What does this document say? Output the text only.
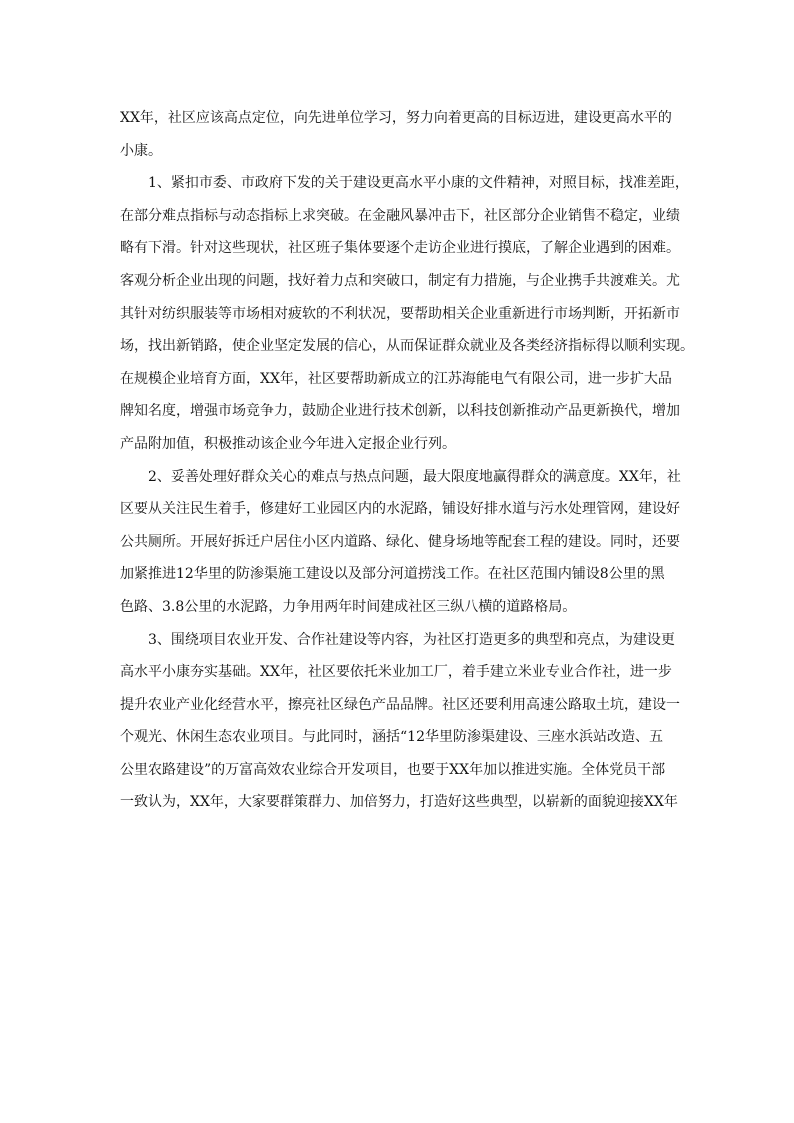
XX年，社区应该高点定位，向先进单位学习，努力向着更高的目标迈进，建设更高水平的
小康。
1、紧扣市委、市政府下发的关于建设更高水平小康的文件精神，对照目标，找准差距，
在部分难点指标与动态指标上求突破。在金融风暴冲击下，社区部分企业销售不稳定，业绩
略有下滑。针对这些现状，社区班子集体要逐个走访企业进行摸底，了解企业遇到的困难。
客观分析企业出现的问题，找好着力点和突破口，制定有力措施，与企业携手共渡难关。尤
其针对纺织服装等市场相对疲软的不利状况，要帮助相关企业重新进行市场判断，开拓新市
场，找出新销路，使企业坚定发展的信心，从而保证群众就业及各类经济指标得以顺利实现。
在规模企业培育方面，XX年，社区要帮助新成立的江苏海能电气有限公司，进一步扩大品
牌知名度，增强市场竞争力，鼓励企业进行技术创新，以科技创新推动产品更新换代，增加
产品附加值，积极推动该企业今年进入定报企业行列。
2、妥善处理好群众关心的难点与热点问题，最大限度地赢得群众的满意度。XX年，社
区要从关注民生着手，修建好工业园区内的水泥路，铺设好排水道与污水处理管网，建设好
公共厕所。开展好拆迁户居住小区内道路、绿化、健身场地等配套工程的建设。同时，还要
加紧推进12华里的防渗渠施工建设以及部分河道捞浅工作。在社区范围内铺设8公里的黑
色路、3.8公里的水泥路，力争用两年时间建成社区三纵八横的道路格局。
3、围绕项目农业开发、合作社建设等内容，为社区打造更多的典型和亮点，为建设更
高水平小康夯实基础。XX年，社区要依托米业加工厂，着手建立米业专业合作社，进一步
提升农业产业化经营水平，擦亮社区绿色产品品牌。社区还要利用高速公路取土坑，建设一
个观光、休闲生态农业项目。与此同时，涵括“12华里防渗渠建设、三座水浜站改造、五
公里农路建设”的万富高效农业综合开发项目，也要于XX年加以推进实施。全体党员干部
一致认为，XX年，大家要群策群力、加倍努力，打造好这些典型，以崭新的面貌迎接XX年
